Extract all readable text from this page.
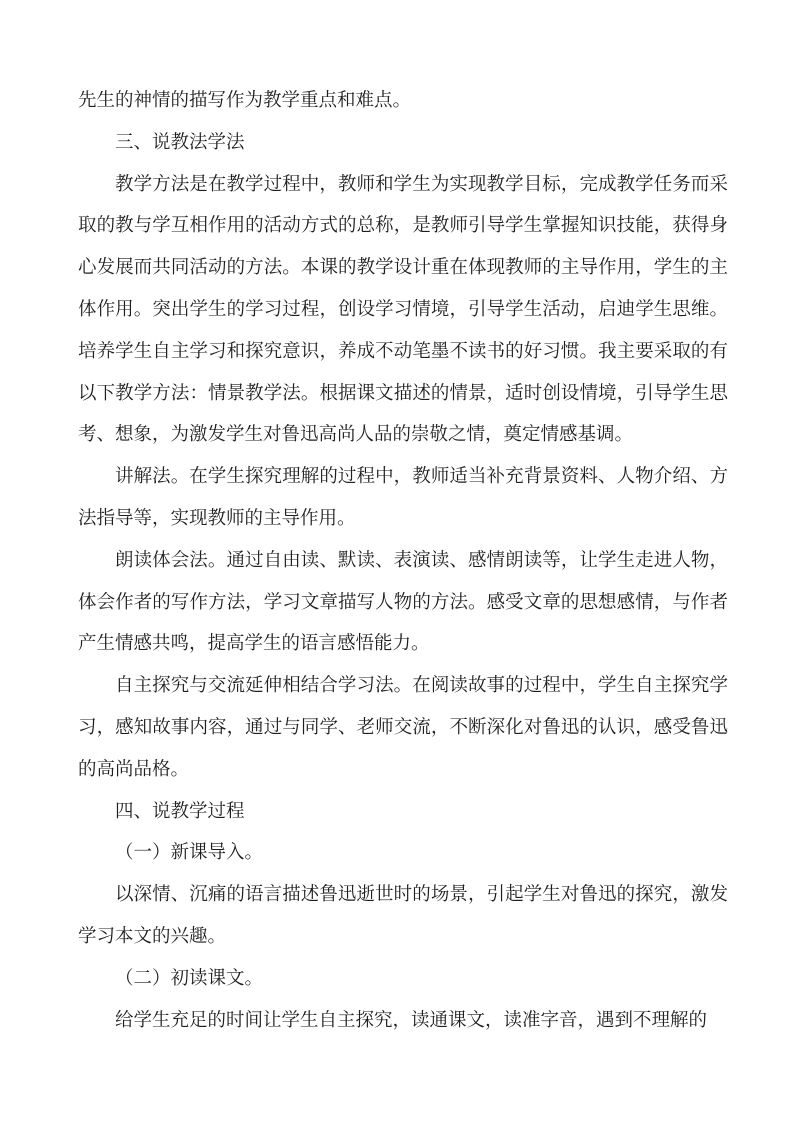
先生的神情的描写作为教学重点和难点。

三、说教法学法

教学方法是在教学过程中，教师和学生为实现教学目标，完成教学任务而采取的教与学互相作用的活动方式的总称，是教师引导学生掌握知识技能，获得身心发展而共同活动的方法。本课的教学设计重在体现教师的主导作用，学生的主体作用。突出学生的学习过程，创设学习情境，引导学生活动，启迪学生思维。培养学生自主学习和探究意识，养成不动笔墨不读书的好习惯。我主要采取的有以下教学方法：情景教学法。根据课文描述的情景，适时创设情境，引导学生思考、想象，为激发学生对鲁迅高尚人品的崇敬之情，奠定情感基调。

讲解法。在学生探究理解的过程中，教师适当补充背景资料、人物介绍、方法指导等，实现教师的主导作用。

朗读体会法。通过自由读、默读、表演读、感情朗读等，让学生走进人物，体会作者的写作方法，学习文章描写人物的方法。感受文章的思想感情，与作者产生情感共鸣，提高学生的语言感悟能力。

自主探究与交流延伸相结合学习法。在阅读故事的过程中，学生自主探究学习，感知故事内容，通过与同学、老师交流，不断深化对鲁迅的认识，感受鲁迅的高尚品格。

四、说教学过程

（一）新课导入。

以深情、沉痛的语言描述鲁迅逝世时的场景，引起学生对鲁迅的探究，激发学习本文的兴趣。

（二）初读课文。

给学生充足的时间让学生自主探究，读通课文，读准字音，遇到不理解的
